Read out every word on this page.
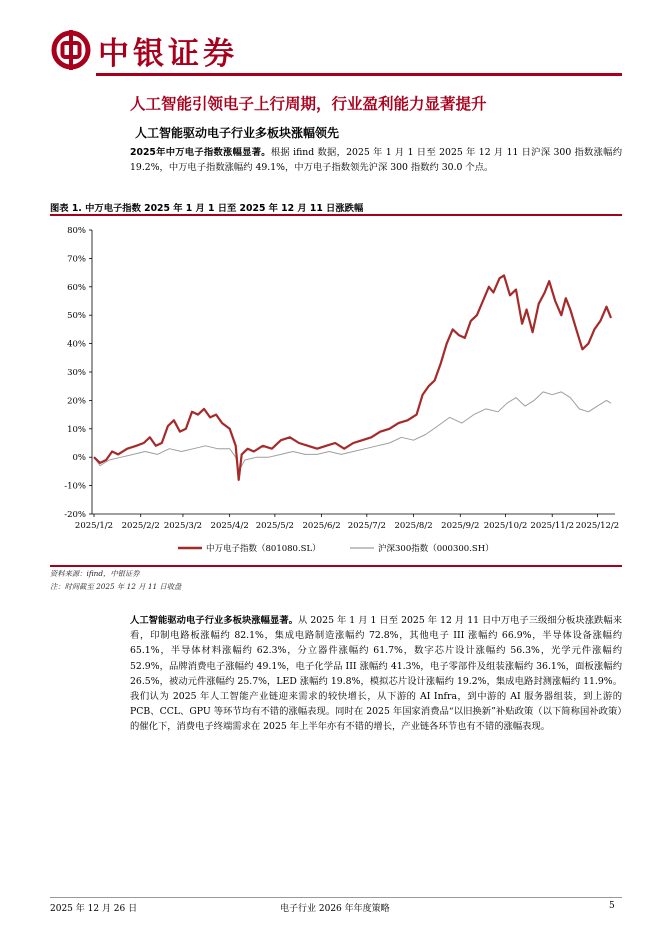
中银证券
人工智能引领电子上行周期，行业盈利能力显著提升
人工智能驱动电子行业多板块涨幅领先
2025年中万电子指数涨幅显著。根据 ifind 数据，2025 年 1 月 1 日至 2025 年 12 月 11 日沪深 300 指数涨幅约 19.2%，中万电子指数涨幅约 49.1%，中万电子指数领先沪深 300 指数约 30.0 个点。
图表 1. 中万电子指数 2025 年 1 月 1 日至 2025 年 12 月 11 日涨跌幅
80%
70%
60%
50%
40%
30%
20%
10%
0%
-10%
-20%
2025/1/2 2025/2/2 2025/3/2 2025/4/2 2025/5/2 2025/6/2 2025/7/2 2025/8/2 2025/9/2 2025/10/2 2025/11/2 2025/12/2
中万电子指数（801080.SL）	沪深300指数（000300.SH）
资料来源：ifind，中银证券
注：时间截至 2025 年 12 月 11 日收盘
人工智能驱动电子行业多板块涨幅显著。从 2025 年 1 月 1 日至 2025 年 12 月 11 日中万电子三级细分板块涨跌幅来看，印制电路板涨幅约 82.1%，集成电路制造涨幅约 72.8%，其他电子 III 涨幅约 66.9%，半导体设备涨幅约 65.1%，半导体材料涨幅约 62.3%，分立器件涨幅约 61.7%，数字芯片设计涨幅约 56.3%，光学元件涨幅约 52.9%，品牌消费电子涨幅约 49.1%，电子化学品 III 涨幅约 41.3%，电子零部件及组装涨幅约 36.1%，面板涨幅约 26.5%，被动元件涨幅约 25.7%，LED 涨幅约 19.8%，模拟芯片设计涨幅约 19.2%，集成电路封测涨幅约 11.9%。我们认为 2025 年人工智能产业链迎来需求的较快增长，从下游的 AI Infra，到中游的 AI 服务器组装，到上游的 PCB、CCL、GPU 等环节均有不错的涨幅表现。同时在 2025 年国家消费品“以旧换新”补贴政策（以下简称国补政策）的催化下，消费电子终端需求在 2025 年上半年亦有不错的增长，产业链各环节也有不错的涨幅表现。
2025 年 12 月 26 日	电子行业 2026 年年度策略	5
